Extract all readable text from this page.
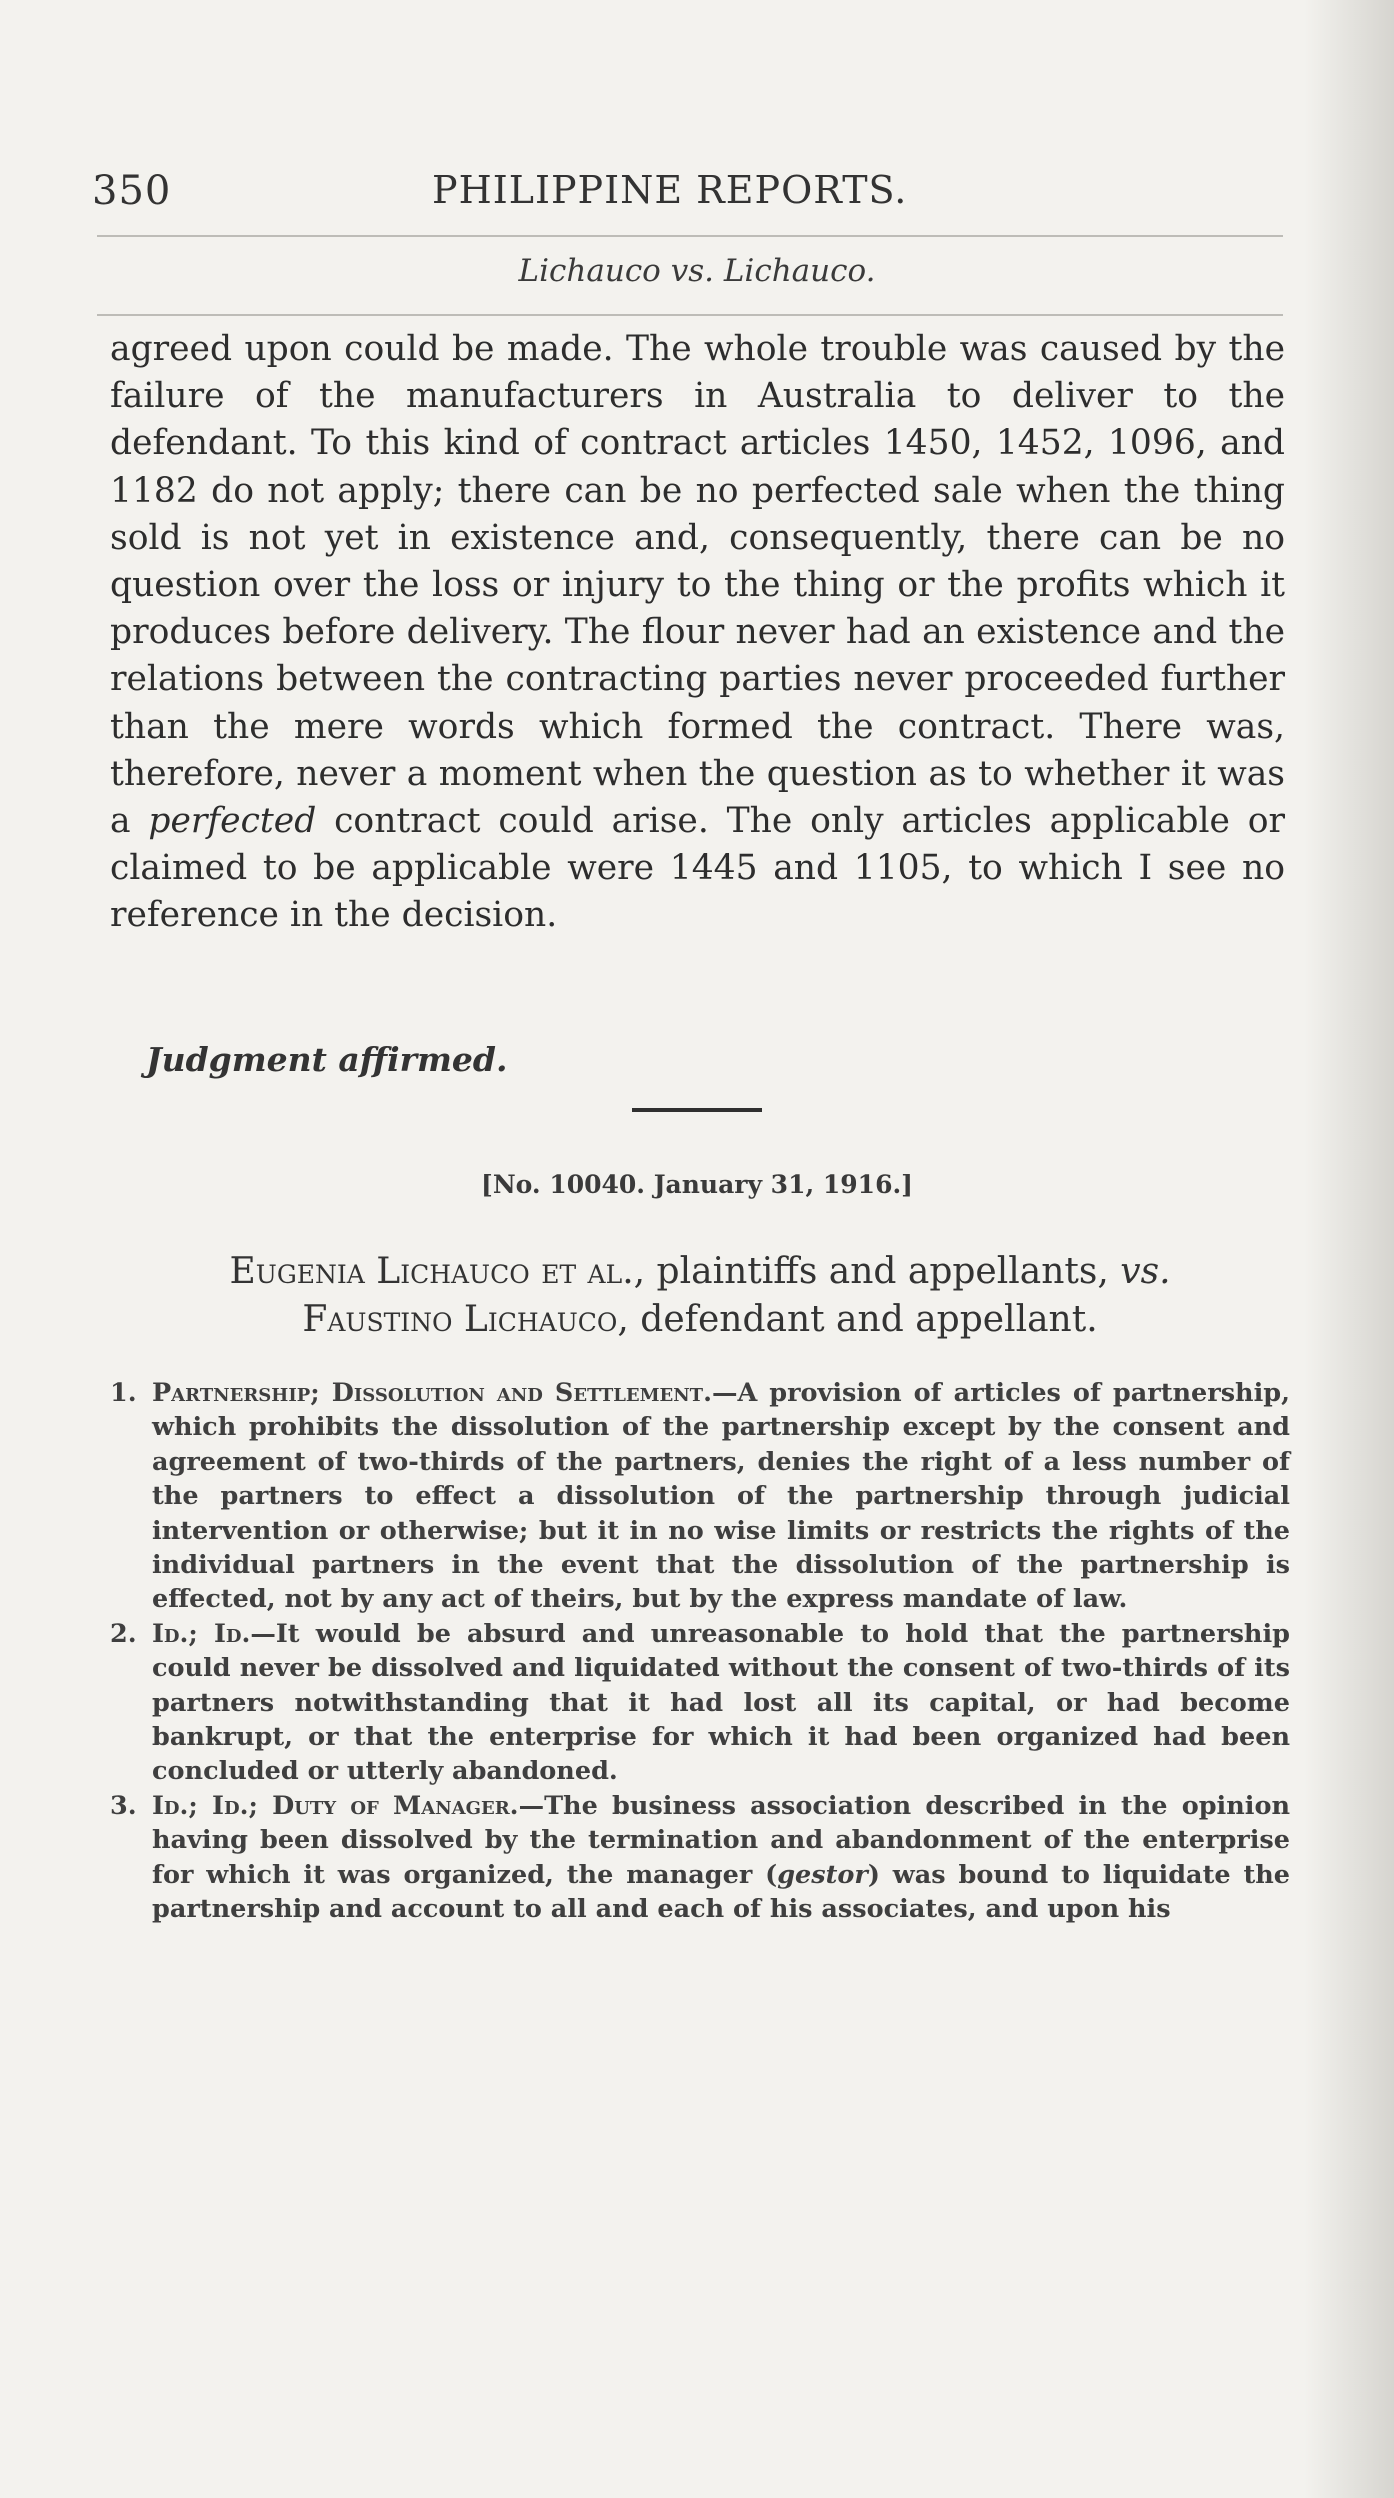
350	PHILIPPINE REPORTS.
Lichauco vs. Lichauco.

agreed upon could be made. The whole trouble was caused by the failure of the manufacturers in Australia to deliver to the defendant. To this kind of contract articles 1450, 1452, 1096, and 1182 do not apply; there can be no perfected sale when the thing sold is not yet in existence and, consequently, there can be no question over the loss or injury to the thing or the profits which it produces before delivery. The flour never had an existence and the relations between the contracting parties never proceeded further than the mere words which formed the contract. There was, therefore, never a moment when the question as to whether it was a perfected contract could arise. The only articles applicable or claimed to be applicable were 1445 and 1105, to which I see no reference in the decision.

Judgment affirmed.
[No. 10040. January 31, 1916.]
Eugenia Lichauco et al., plaintiffs and appellants, vs.
Faustino Lichauco, defendant and appellant.
1. Partnership; Dissolution and Settlement.—A provision of articles of partnership, which prohibits the dissolution of the partnership except by the consent and agreement of two-thirds of the partners, denies the right of a less number of the partners to effect a dissolution of the partnership through judicial intervention or otherwise; but it in no wise limits or restricts the rights of the individual partners in the event that the dissolution of the partnership is effected, not by any act of theirs, but by the express mandate of law.
2. Id.; Id.—It would be absurd and unreasonable to hold that the partnership could never be dissolved and liquidated without the consent of two-thirds of its partners notwithstanding that it had lost all its capital, or had become bankrupt, or that the enterprise for which it had been organized had been concluded or utterly abandoned.
3. Id.; Id.; Duty of Manager.—The business association described in the opinion having been dissolved by the termination and abandonment of the enterprise for which it was organized, the manager (gestor) was bound to liquidate the partnership and account to all and each of his associates, and upon his
